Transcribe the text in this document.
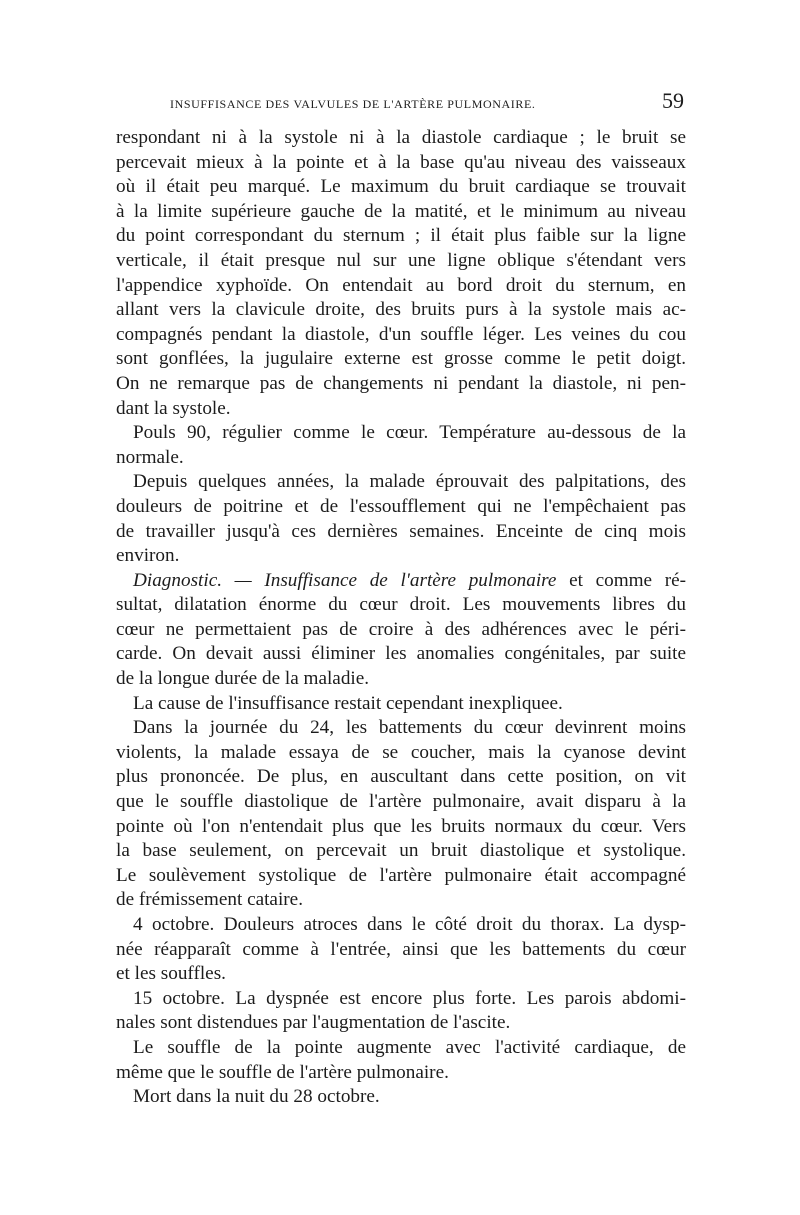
insuffisance des valvules de l'artère pulmonaire.	59
respondant ni à la systole ni à la diastole cardiaque ; le bruit se
percevait mieux à la pointe et à la base qu'au niveau des vaisseaux
où il était peu marqué. Le maximum du bruit cardiaque se trouvait
à la limite supérieure gauche de la matité, et le minimum au niveau
du point correspondant du sternum ; il était plus faible sur la ligne
verticale, il était presque nul sur une ligne oblique s'étendant vers
l'appendice xyphoïde. On entendait au bord droit du sternum, en
allant vers la clavicule droite, des bruits purs à la systole mais ac-
compagnés pendant la diastole, d'un souffle léger. Les veines du cou
sont gonflées, la jugulaire externe est grosse comme le petit doigt.
On ne remarque pas de changements ni pendant la diastole, ni pen-
dant la systole.
Pouls 90, régulier comme le cœur. Température au-dessous de la
normale.
Depuis quelques années, la malade éprouvait des palpitations, des
douleurs de poitrine et de l'essoufflement qui ne l'empêchaient pas
de travailler jusqu'à ces dernières semaines. Enceinte de cinq mois
environ.
Diagnostic. — Insuffisance de l'artère pulmonaire et comme ré-
sultat, dilatation énorme du cœur droit. Les mouvements libres du
cœur ne permettaient pas de croire à des adhérences avec le péri-
carde. On devait aussi éliminer les anomalies congénitales, par suite
de la longue durée de la maladie.
La cause de l'insuffisance restait cependant inexpliquee.
Dans la journée du 24, les battements du cœur devinrent moins
violents, la malade essaya de se coucher, mais la cyanose devint
plus prononcée. De plus, en auscultant dans cette position, on vit
que le souffle diastolique de l'artère pulmonaire, avait disparu à la
pointe où l'on n'entendait plus que les bruits normaux du cœur. Vers
la base seulement, on percevait un bruit diastolique et systolique.
Le soulèvement systolique de l'artère pulmonaire était accompagné
de frémissement cataire.
4 octobre. Douleurs atroces dans le côté droit du thorax. La dysp-
née réapparaît comme à l'entrée, ainsi que les battements du cœur
et les souffles.
15 octobre. La dyspnée est encore plus forte. Les parois abdomi-
nales sont distendues par l'augmentation de l'ascite.
Le souffle de la pointe augmente avec l'activité cardiaque, de
même que le souffle de l'artère pulmonaire.
Mort dans la nuit du 28 octobre.
